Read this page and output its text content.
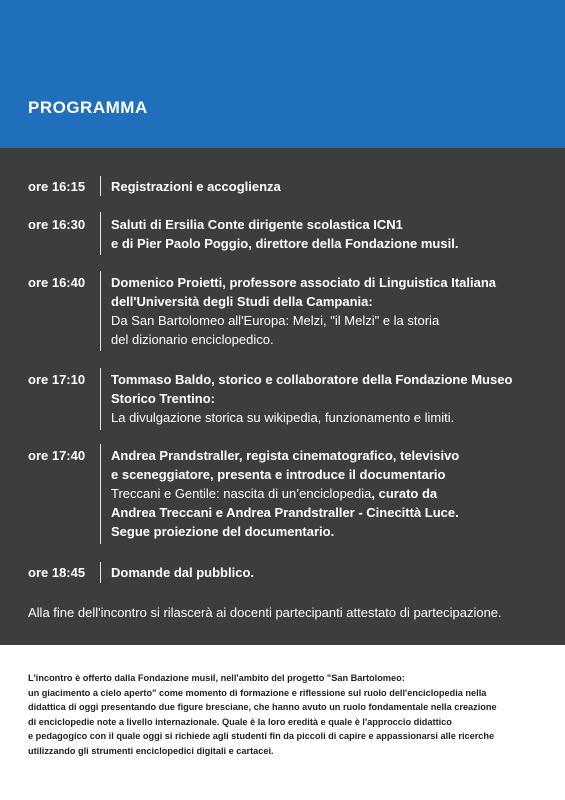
PROGRAMMA
ore 16:15 Registrazioni e accoglienza
ore 16:30 Saluti di Ersilia Conte dirigente scolastica ICN1
e di Pier Paolo Poggio, direttore della Fondazione musil.
ore 16:40 Domenico Proietti, professore associato di Linguistica Italiana
dell'Università degli Studi della Campania:
Da San Bartolomeo all'Europa: Melzi, "il Melzi" e la storia
del dizionario enciclopedico.
ore 17:10 Tommaso Baldo, storico e collaboratore della Fondazione Museo
Storico Trentino:
La divulgazione storica su wikipedia, funzionamento e limiti.
ore 17:40 Andrea Prandstraller, regista cinematografico, televisivo
e sceneggiatore, presenta e introduce il documentario
Treccani e Gentile: nascita di un’enciclopedia, curato da
Andrea Treccani e Andrea Prandstraller - Cinecittà Luce.
Segue proiezione del documentario.
ore 18:45 Domande dal pubblico.
Alla fine dell'incontro si rilascerà ai docenti partecipanti attestato di partecipazione.
L'incontro è offerto dalla Fondazione musil, nell'ambito del progetto "San Bartolomeo:
un giacimento a cielo aperto" come momento di formazione e riflessione sul ruolo dell'enciclopedia nella
didattica di oggi presentando due figure bresciane, che hanno avuto un ruolo fondamentale nella creazione
di enciclopedie note a livello internazionale. Quale è la loro eredità e quale è l'approccio didattico
e pedagogico con il quale oggi si richiede agli studenti fin da piccoli di capire e appassionarsi alle ricerche
utilizzando gli strumenti enciclopedici digitali e cartacei.
